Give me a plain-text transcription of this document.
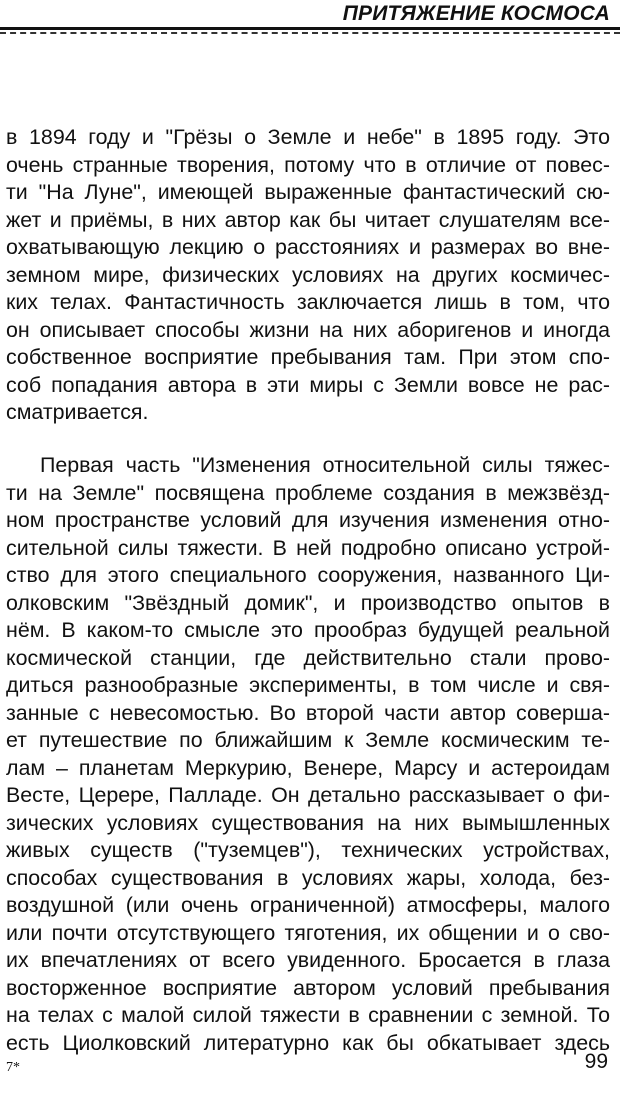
ПРИТЯЖЕНИЕ КОСМОСА
в 1894 году и "Грёзы о Земле и небе" в 1895 году. Это
очень странные творения, потому что в отличие от повес-
ти "На Луне", имеющей выраженные фантастический сю-
жет и приёмы, в них автор как бы читает слушателям все-
охватывающую лекцию о расстояниях и размерах во вне-
земном мире, физических условиях на других космичес-
ких телах. Фантастичность заключается лишь в том, что
он описывает способы жизни на них аборигенов и иногда
собственное восприятие пребывания там. При этом спо-
соб попадания автора в эти миры с Земли вовсе не рас-
сматривается.
Первая часть "Изменения относительной силы тяжес-
ти на Земле" посвящена проблеме создания в межзвёзд-
ном пространстве условий для изучения изменения отно-
сительной силы тяжести. В ней подробно описано устрой-
ство для этого специального сооружения, названного Ци-
олковским "Звёздный домик", и производство опытов в
нём. В каком-то смысле это прообраз будущей реальной
космической станции, где действительно стали прово-
диться разнообразные эксперименты, в том числе и свя-
занные с невесомостью. Во второй части автор соверша-
ет путешествие по ближайшим к Земле космическим те-
лам – планетам Меркурию, Венере, Марсу и астероидам
Весте, Церере, Палладе. Он детально рассказывает о фи-
зических условиях существования на них вымышленных
живых существ ("туземцев"), технических устройствах,
способах существования в условиях жары, холода, без-
воздушной (или очень ограниченной) атмосферы, малого
или почти отсутствующего тяготения, их общении и о сво-
их впечатлениях от всего увиденного. Бросается в глаза
восторженное восприятие автором условий пребывания
на телах с малой силой тяжести в сравнении с земной. То
есть Циолковский литературно как бы обкатывает здесь
7*	99
